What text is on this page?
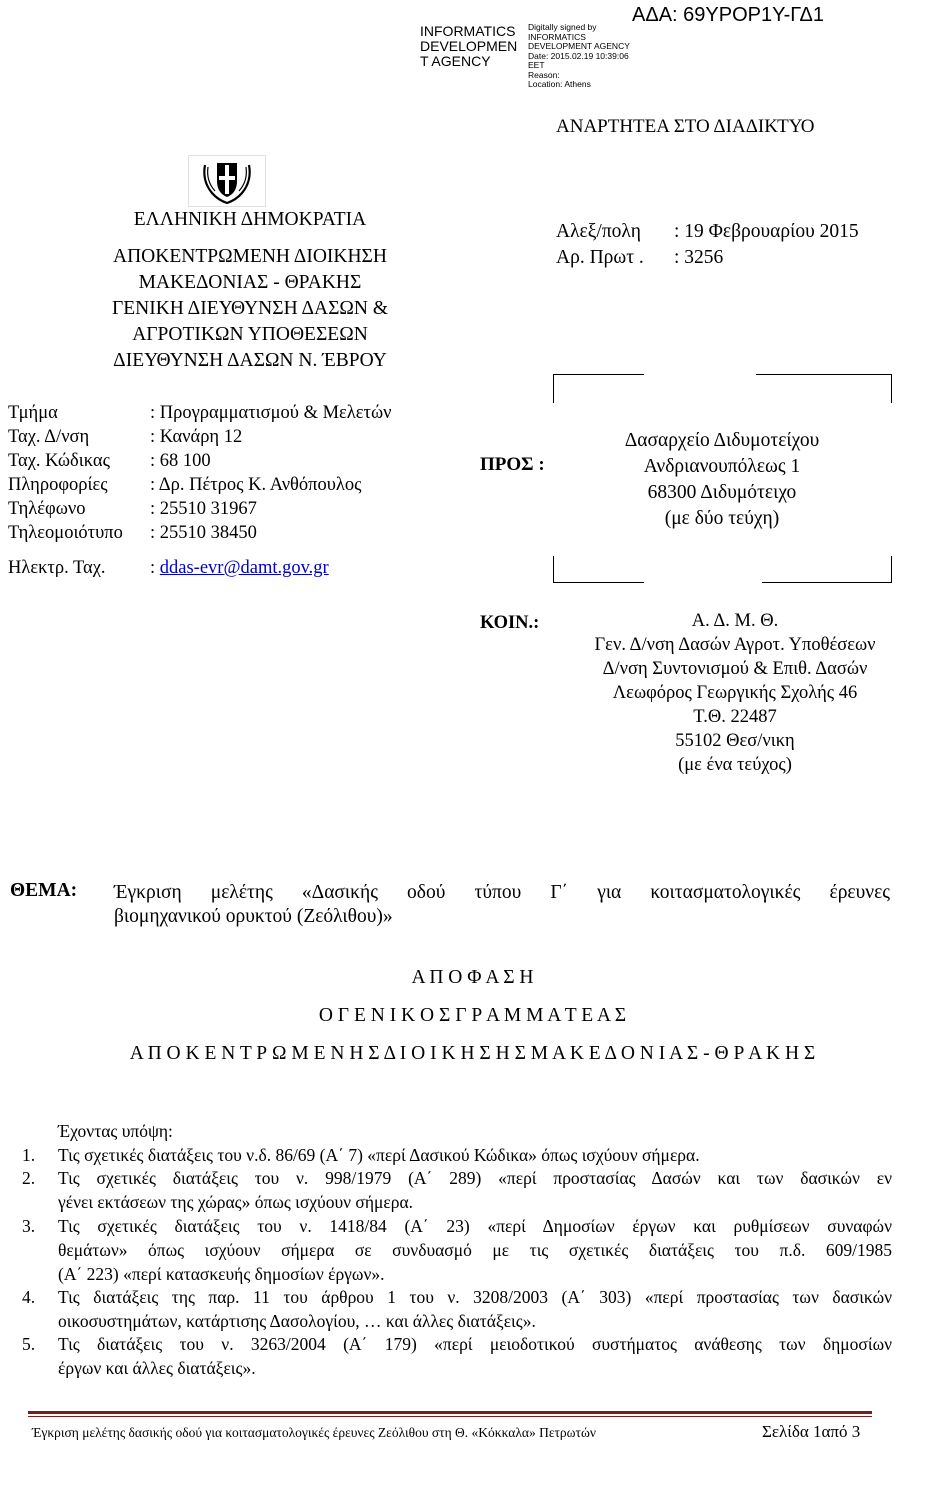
INFORMATICS
DEVELOPMEN
T AGENCY
Digitally signed by
INFORMATICS
DEVELOPMENT AGENCY
Date: 2015.02.19 10:39:06
EET
Reason:
Location: Athens
ΑΔΑ: 69ΥΡΟΡ1Υ-ΓΔ1
ΑΝΑΡΤΗΤΕΑ ΣΤΟ ΔΙΑΔΙΚΤΥΟ
ΕΛΛΗΝΙΚΗ ΔΗΜΟΚΡΑΤΙΑ
ΑΠΟΚΕΝΤΡΩΜΕΝΗ ΔΙΟΙΚΗΣΗ
ΜΑΚΕΔΟΝΙΑΣ - ΘΡΑΚΗΣ
ΓΕΝΙΚΗ ΔΙΕΥΘΥΝΣΗ ΔΑΣΩΝ &
ΑΓΡΟΤΙΚΩΝ ΥΠΟΘΕΣΕΩΝ
ΔΙΕΥΘΥΝΣΗ ΔΑΣΩΝ Ν. ΈΒΡΟΥ
Αλεξ/πολη : 19 Φεβρουαρίου 2015
Αρ. Πρωτ . : 3256
Τμήμα	: Προγραμματισμού & Μελετών
Ταχ. Δ/νση	: Κανάρη 12
Ταχ. Κώδικας : 68 100
Πληροφορίες : Δρ. Πέτρος Κ. Ανθόπουλος
Τηλέφωνο	: 25510 31967
Τηλεομοιότυπο : 25510 38450
Ηλεκτρ. Ταχ. : ddas-evr@damt.gov.gr
ΠΡΟΣ :
Δασαρχείο Διδυμοτείχου
Ανδριανουπόλεως 1
68300 Διδυμότειχο
(με δύο τεύχη)
ΚΟΙΝ.:	Α. Δ. Μ. Θ.
Γεν. Δ/νση Δασών Αγροτ. Υποθέσεων
Δ/νση Συντονισμού & Επιθ. Δασών
Λεωφόρος Γεωργικής Σχολής 46
Τ.Θ. 22487
55102 Θεσ/νικη
(με ένα τεύχος)
ΘΕΜΑ: Έγκριση μελέτης «Δασικής οδού τύπου Γ΄ για κοιτασματολογικές έρευνες
βιομηχανικού ορυκτού (Ζεόλιθου)»
Α Π Ο Φ Α Σ Η
Ο Γ Ε Ν Ι Κ Ο Σ Γ Ρ Α Μ Μ Α Τ Ε Α Σ
Α Π Ο Κ Ε Ν Τ Ρ Ω Μ Ε Ν Η Σ Δ Ι Ο Ι Κ Η Σ Η Σ Μ Α Κ Ε Δ Ο Ν Ι Α Σ - Θ Ρ Α Κ Η Σ
Έχοντας υπόψη:
1. Τις σχετικές διατάξεις του ν.δ. 86/69 (Α΄ 7) «περί Δασικού Κώδικα» όπως ισχύουν σήμερα.
2. Τις σχετικές διατάξεις του ν. 998/1979 (Α΄ 289) «περί προστασίας Δασών και των δασικών εν
γένει εκτάσεων της χώρας» όπως ισχύουν σήμερα.
3. Τις σχετικές διατάξεις του ν. 1418/84 (Α΄ 23) «περί Δημοσίων έργων και ρυθμίσεων συναφών
θεμάτων» όπως ισχύουν σήμερα σε συνδυασμό με τις σχετικές διατάξεις του π.δ. 609/1985
(Α΄ 223) «περί κατασκευής δημοσίων έργων».
4. Τις διατάξεις της παρ. 11 του άρθρου 1 του ν. 3208/2003 (Α΄ 303) «περί προστασίας των δασικών
οικοσυστημάτων, κατάρτισης Δασολογίου, … και άλλες διατάξεις».
5. Τις διατάξεις του ν. 3263/2004 (Α΄ 179) «περί μειοδοτικού συστήματος ανάθεσης των δημοσίων
έργων και άλλες διατάξεις».
Έγκριση μελέτης δασικής οδού για κοιτασματολογικές έρευνες Ζεόλιθου στη Θ. «Κόκκαλα» Πετρωτών	Σελίδα 1από 3
